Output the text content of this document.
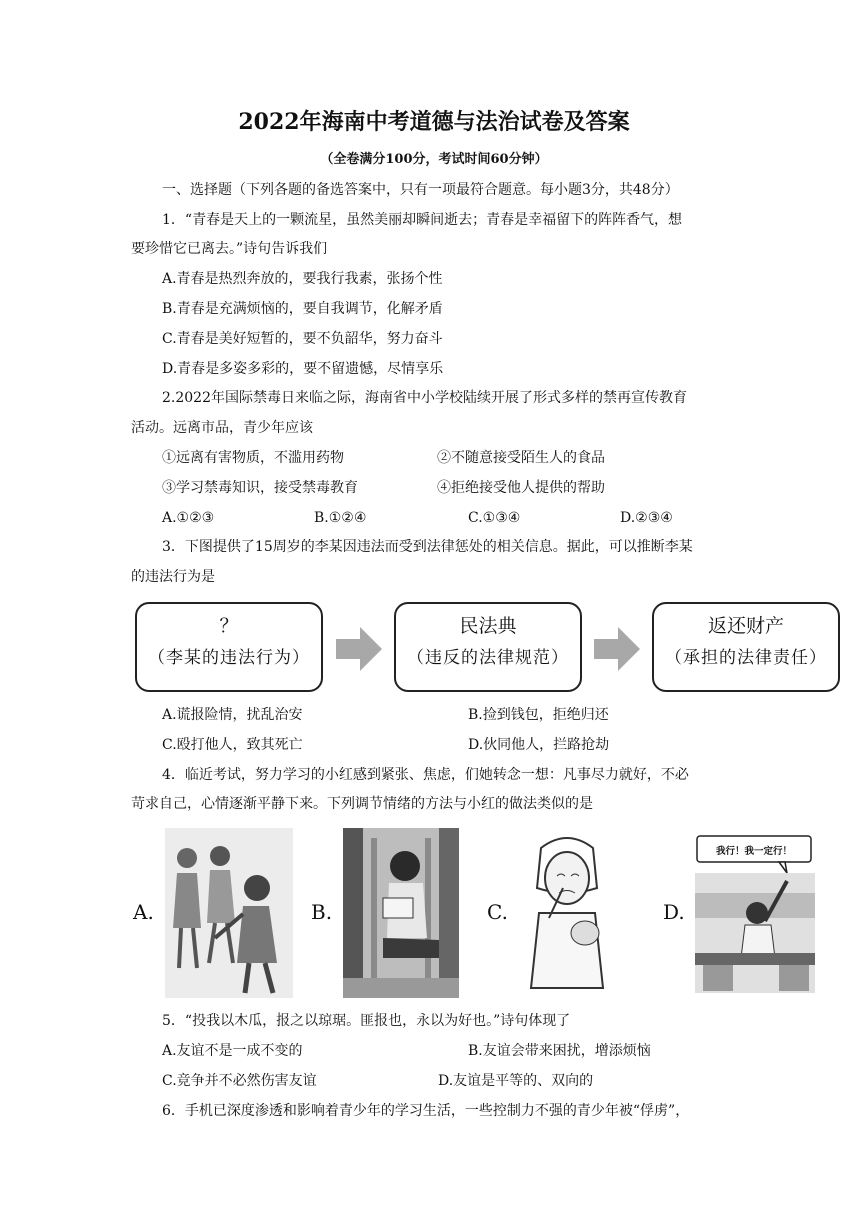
2022年海南中考道德与法治试卷及答案
（全卷满分100分，考试时间60分钟）
一、选择题（下列各题的备选答案中，只有一项最符合题意。每小题3分，共48分）
1．“青春是天上的一颗流星，虽然美丽却瞬间逝去；青春是幸福留下的阵阵香气，想
要珍惜它已离去。”诗句告诉我们
A.青春是热烈奔放的，要我行我素，张扬个性
B.青春是充满烦恼的，要自我调节，化解矛盾
C.青春是美好短暂的，要不负韶华，努力奋斗
D.青春是多姿多彩的，要不留遗憾，尽情享乐
2.2022年国际禁毒日来临之际，海南省中小学校陆续开展了形式多样的禁再宣传教育
活动。远离市品，青少年应该
①远离有害物质，不滥用药物	②不随意接受陌生人的食品
③学习禁毒知识，接受禁毒教育	④拒绝接受他人提供的帮助
A.①②③	B.①②④	C.①③④	D.②③④
3．下图提供了15周岁的李某因违法而受到法律惩处的相关信息。据此，可以推断李某
的违法行为是
？
（李某的违法行为）
民法典
（违反的法律规范）
返还财产
（承担的法律责任）
A.谎报险情，扰乱治安	B.捡到钱包，拒绝归还
C.殴打他人，致其死亡	D.伙同他人，拦路抢劫
4．临近考试，努力学习的小红感到紧张、焦虑，们她转念一想：凡事尽力就好，不必
苛求自己，心情逐渐平静下来。下列调节情绪的方法与小红的做法类似的是
A.	B.	C.	D.
我行！我一定行！
5．“投我以木瓜，报之以琼琚。匪报也，永以为好也。”诗句体现了
A.友谊不是一成不变的	B.友谊会带来困扰，增添烦恼
C.竞争并不必然伤害友谊	D.友谊是平等的、双向的
6．手机已深度渗透和影响着青少年的学习生活，一些控制力不强的青少年被“俘虏”，
